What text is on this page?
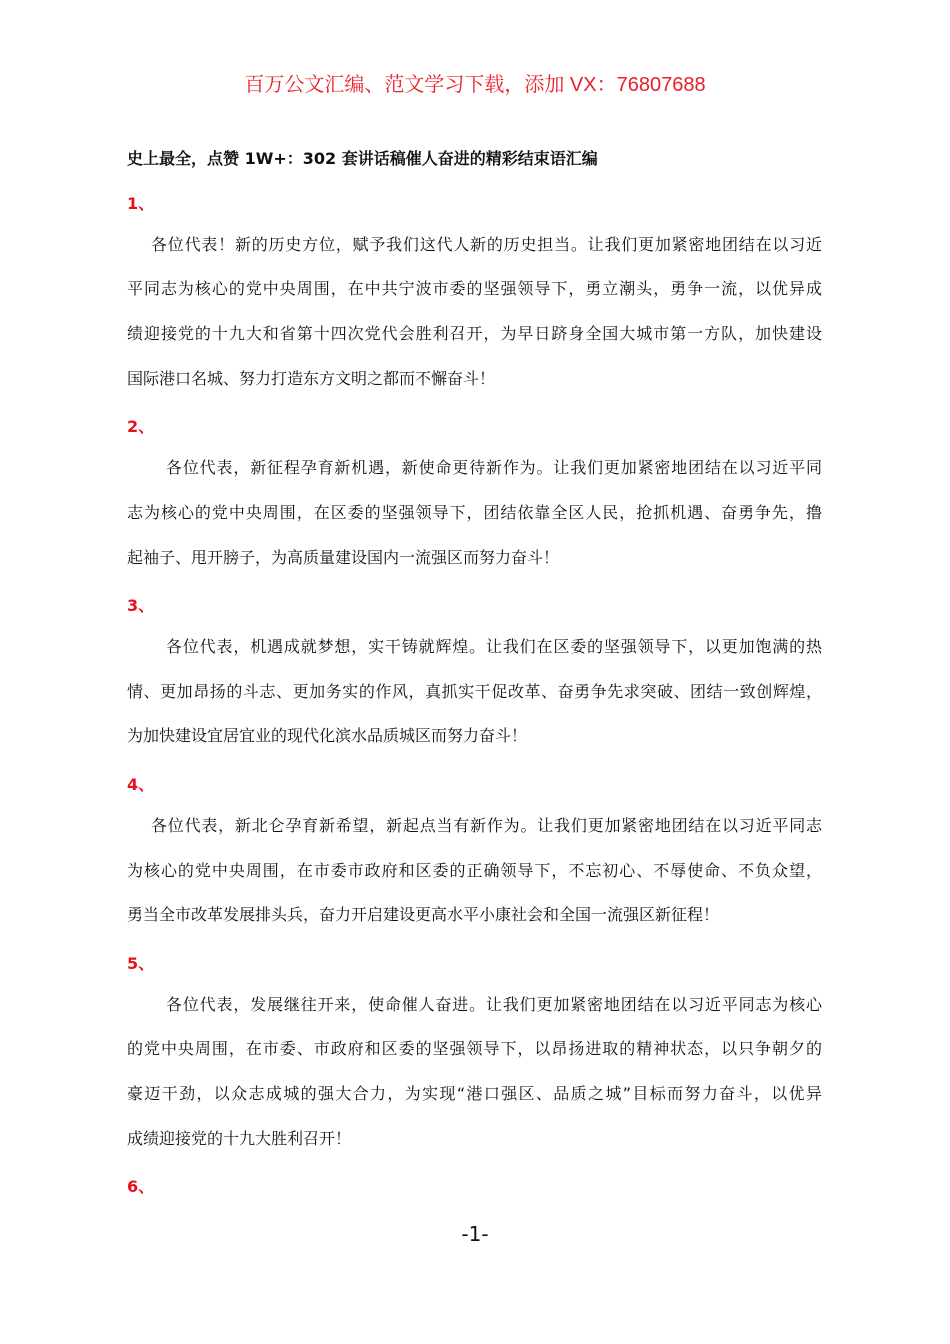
百万公文汇编、范文学习下载，添加 VX：76807688
史上最全，点赞 1W+：302 套讲话稿催人奋进的精彩结束语汇编
1、
各位代表！新的历史方位，赋予我们这代人新的历史担当。让我们更加紧密地团结在以习近
平同志为核心的党中央周围，在中共宁波市委的坚强领导下，勇立潮头，勇争一流，以优异成
绩迎接党的十九大和省第十四次党代会胜利召开，为早日跻身全国大城市第一方队，加快建设
国际港口名城、努力打造东方文明之都而不懈奋斗！
2、
各位代表，新征程孕育新机遇，新使命更待新作为。让我们更加紧密地团结在以习近平同
志为核心的党中央周围，在区委的坚强领导下，团结依靠全区人民，抢抓机遇、奋勇争先，撸
起袖子、甩开膀子，为高质量建设国内一流强区而努力奋斗！
3、
各位代表，机遇成就梦想，实干铸就辉煌。让我们在区委的坚强领导下，以更加饱满的热
情、更加昂扬的斗志、更加务实的作风，真抓实干促改革、奋勇争先求突破、团结一致创辉煌，
为加快建设宜居宜业的现代化滨水品质城区而努力奋斗！
4、
各位代表，新北仑孕育新希望，新起点当有新作为。让我们更加紧密地团结在以习近平同志
为核心的党中央周围，在市委市政府和区委的正确领导下，不忘初心、不辱使命、不负众望，
勇当全市改革发展排头兵，奋力开启建设更高水平小康社会和全国一流强区新征程！
5、
各位代表，发展继往开来，使命催人奋进。让我们更加紧密地团结在以习近平同志为核心
的党中央周围，在市委、市政府和区委的坚强领导下，以昂扬进取的精神状态，以只争朝夕的
豪迈干劲，以众志成城的强大合力，为实现“港口强区、品质之城”目标而努力奋斗，以优异
成绩迎接党的十九大胜利召开！
6、
-1-
